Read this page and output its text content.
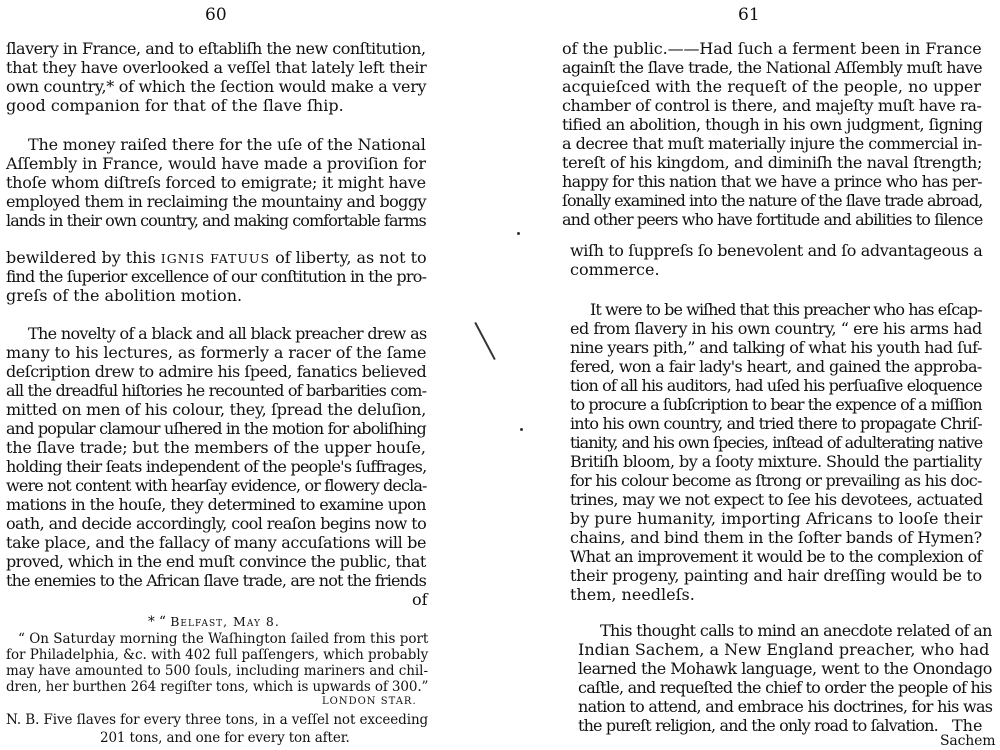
60
ſlavery in France, and to eſtabliſh the new conſtitution,
that they have overlooked a veſſel that lately left their
own country,* of which the ſection would make a very
good companion for that of the ſlave ſhip.
The money raiſed there for the uſe of the National
Aſſembly in France, would have made a proviſion for
thoſe whom diſtreſs forced to emigrate; it might have
employed them in reclaiming the mountainy and boggy
lands in their own country, and making comfortable farms
bewildered by this IGNIS FATUUS of liberty, as not to
find the ſuperior excellence of our conſtitution in the pro-
greſs of the abolition motion.
The novelty of a black and all black preacher drew as
many to his lectures, as formerly a racer of the ſame
deſcription drew to admire his ſpeed, fanatics believed
all the dreadful hiſtories he recounted of barbarities com-
mitted on men of his colour, they, ſpread the deluſion,
and popular clamour uſhered in the motion for aboliſhing
the ſlave trade; but the members of the upper houſe,
holding their ſeats independent of the people's ſuffrages,
were not content with hearſay evidence, or flowery decla-
mations in the houſe, they determined to examine upon
oath, and decide accordingly, cool reaſon begins now to
take place, and the fallacy of many accuſations will be
proved, which in the end muſt convince the public, that
the enemies to the African ſlave trade, are not the friends
of
* “ Belfast, May 8.
“ On Saturday morning the Waſhington ſailed from this port
for Philadelphia, &c. with 402 full paſſengers, which probably
may have amounted to 500 ſouls, including mariners and chil-
dren, her burthen 264 regiſter tons, which is upwards of 300.”
LONDON STAR.
N. B. Five ſlaves for every three tons, in a veſſel not exceeding
201 tons, and one for every ton after.
61
of the public.——Had ſuch a ferment been in France
againſt the ſlave trade, the National Aſſembly muſt have
acquieſced with the requeſt of the people, no upper
chamber of control is there, and majeſty muſt have ra-
tified an abolition, though in his own judgment, ſigning
a decree that muſt materially injure the commercial in-
tereſt of his kingdom, and diminiſh the naval ſtrength;
happy for this nation that we have a prince who has per-
ſonally examined into the nature of the ſlave trade abroad,
and other peers who have fortitude and abilities to ſilence
wiſh to ſuppreſs ſo benevolent and ſo advantageous a
commerce.
It were to be wiſhed that this preacher who has eſcap-
ed from ſlavery in his own country, “ ere his arms had
nine years pith,” and talking of what his youth had ſuf-
fered, won a fair lady's heart, and gained the approba-
tion of all his auditors, had uſed his perſuaſive eloquence
to procure a ſubſcription to bear the expence of a miſſion
into his own country, and tried there to propagate Chriſ-
tianity, and his own ſpecies, inſtead of adulterating native
Britiſh bloom, by a ſooty mixture. Should the partiality
for his colour become as ſtrong or prevailing as his doc-
trines, may we not expect to ſee his devotees, actuated
by pure humanity, importing Africans to looſe their
chains, and bind them in the ſofter bands of Hymen?
What an improvement it would be to the complexion of
their progeny, painting and hair dreſſing would be to
them, needleſs.
This thought calls to mind an anecdote related of an
Indian Sachem, a New England preacher, who had
learned the Mohawk language, went to the Onondago
caſtle, and requeſted the chief to order the people of his
nation to attend, and embrace his doctrines, for his was
the pureſt religion, and the only road to ſalvation. The
Sachem
